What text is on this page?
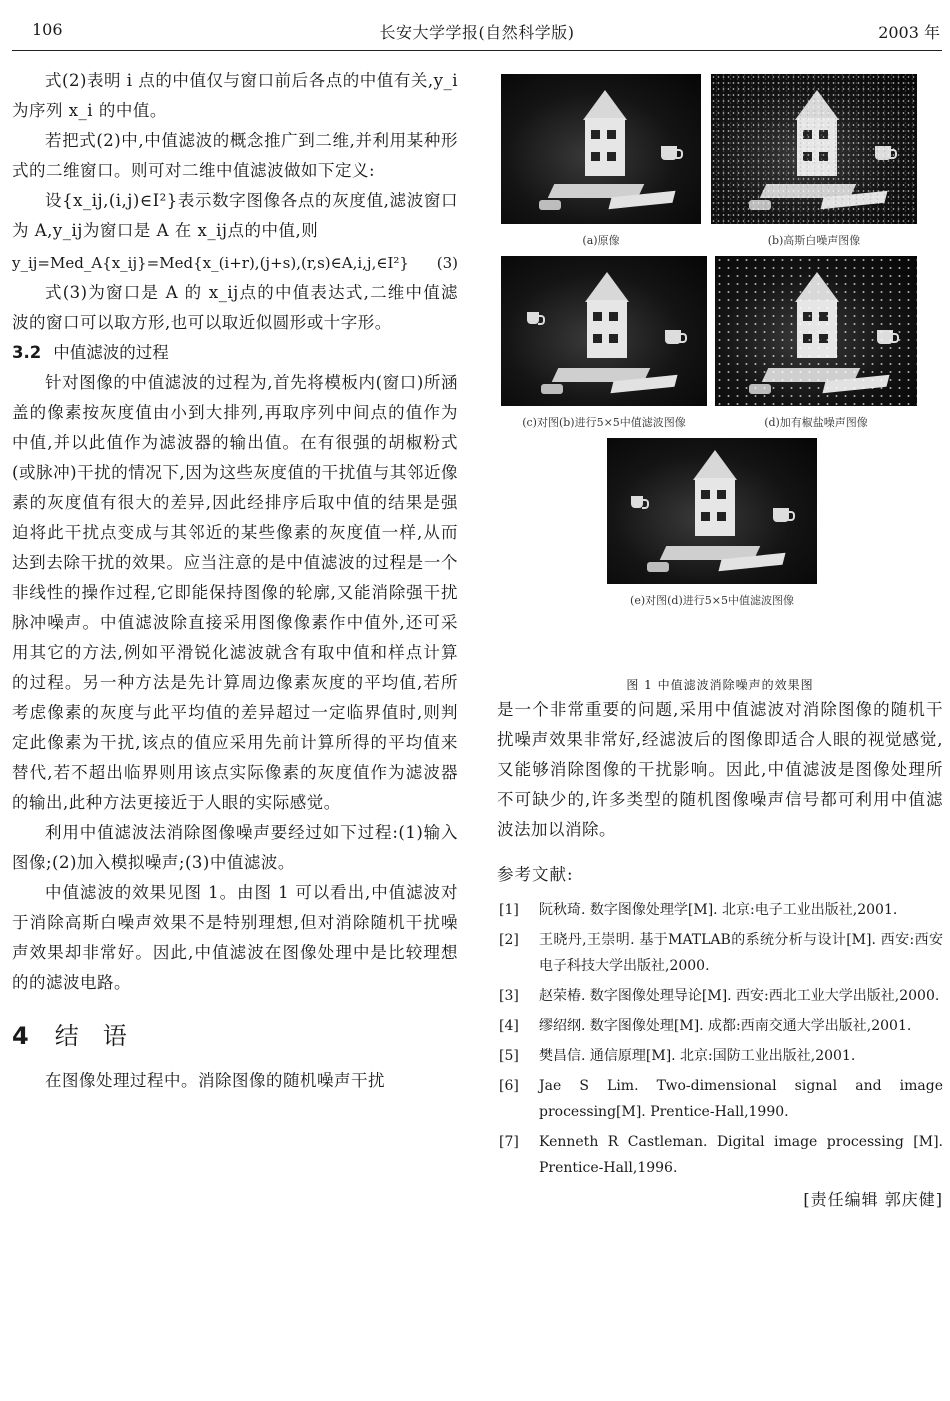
106	长安大学学报(自然科学版)	2003 年

式(2)表明 i 点的中值仅与窗口前后各点的中值有关,y_i 为序列 x_i 的中值。

若把式(2)中,中值滤波的概念推广到二维,并利用某种形式的二维窗口。则可对二维中值滤波做如下定义:

设{x_ij,(i,j)∈I²}表示数字图像各点的灰度值,滤波窗口为 A,y_ij为窗口是 A 在 x_ij点的中值,则

y_ij=Med_A{x_ij}=Med{x_(i+r),(j+s),(r,s)∈A,i,j,∈I²} (3)

式(3)为窗口是 A 的 x_ij点的中值表达式,二维中值滤波的窗口可以取方形,也可以取近似圆形或十字形。

3.2 中值滤波的过程

针对图像的中值滤波的过程为,首先将模板内(窗口)所涵盖的像素按灰度值由小到大排列,再取序列中间点的值作为中值,并以此值作为滤波器的输出值。在有很强的胡椒粉式(或脉冲)干扰的情况下,因为这些灰度值的干扰值与其邻近像素的灰度值有很大的差异,因此经排序后取中值的结果是强迫将此干扰点变成与其邻近的某些像素的灰度值一样,从而达到去除干扰的效果。应当注意的是中值滤波的过程是一个非线性的操作过程,它即能保持图像的轮廓,又能消除强干扰脉冲噪声。中值滤波除直接采用图像像素作中值外,还可采用其它的方法,例如平滑锐化滤波就含有取中值和样点计算的过程。另一种方法是先计算周边像素灰度的平均值,若所考虑像素的灰度与此平均值的差异超过一定临界值时,则判定此像素为干扰,该点的值应采用先前计算所得的平均值来替代,若不超出临界则用该点实际像素的灰度值作为滤波器的输出,此种方法更接近于人眼的实际感觉。

利用中值滤波法消除图像噪声要经过如下过程:(1)输入图像;(2)加入模拟噪声;(3)中值滤波。

中值滤波的效果见图 1。由图 1 可以看出,中值滤波对于消除高斯白噪声效果不是特别理想,但对消除随机干扰噪声效果却非常好。因此,中值滤波在图像处理中是比较理想的的滤波电路。

4 结语

在图像处理过程中。消除图像的随机噪声干扰

(a)原像	(b)高斯白噪声图像
(c)对图(b)进行5×5中值滤波图像	(d)加有椒盐噪声图像
(e)对图(d)进行5×5中值滤波图像
图 1 中值滤波消除噪声的效果图

是一个非常重要的问题,采用中值滤波对消除图像的随机干扰噪声效果非常好,经滤波后的图像即适合人眼的视觉感觉,又能够消除图像的干扰影响。因此,中值滤波是图像处理所不可缺少的,许多类型的随机图像噪声信号都可利用中值滤波法加以消除。

参考文献:
[1] 阮秋琦. 数字图像处理学[M]. 北京:电子工业出版社,2001.
[2] 王晓丹,王崇明. 基于MATLAB的系统分析与设计[M]. 西安:西安电子科技大学出版社,2000.
[3] 赵荣椿. 数字图像处理导论[M]. 西安:西北工业大学出版社,2000.
[4] 缪绍纲. 数字图像处理[M]. 成都:西南交通大学出版社,2001.
[5] 樊昌信. 通信原理[M]. 北京:国防工业出版社,2001.
[6] Jae S Lim. Two-dimensional signal and image processing[M]. Prentice-Hall,1990.
[7] Kenneth R Castleman. Digital image processing [M]. Prentice-Hall,1996.
[责任编辑 郭庆健]
